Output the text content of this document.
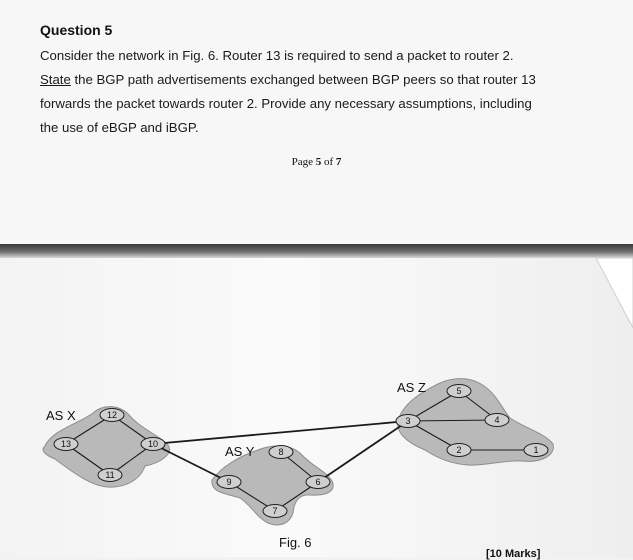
Question 5
Consider the network in Fig. 6. Router 13 is required to send a packet to router 2.
State the BGP path advertisements exchanged between BGP peers so that router 13
forwards the packet towards router 2. Provide any necessary assumptions, including
the use of eBGP and iBGP.
Page 5 of 7
13
12
11
10
9
8
7
6
3
5
4
2	1
AS X
AS Y
AS Z
Fig. 6
[10 Marks]
